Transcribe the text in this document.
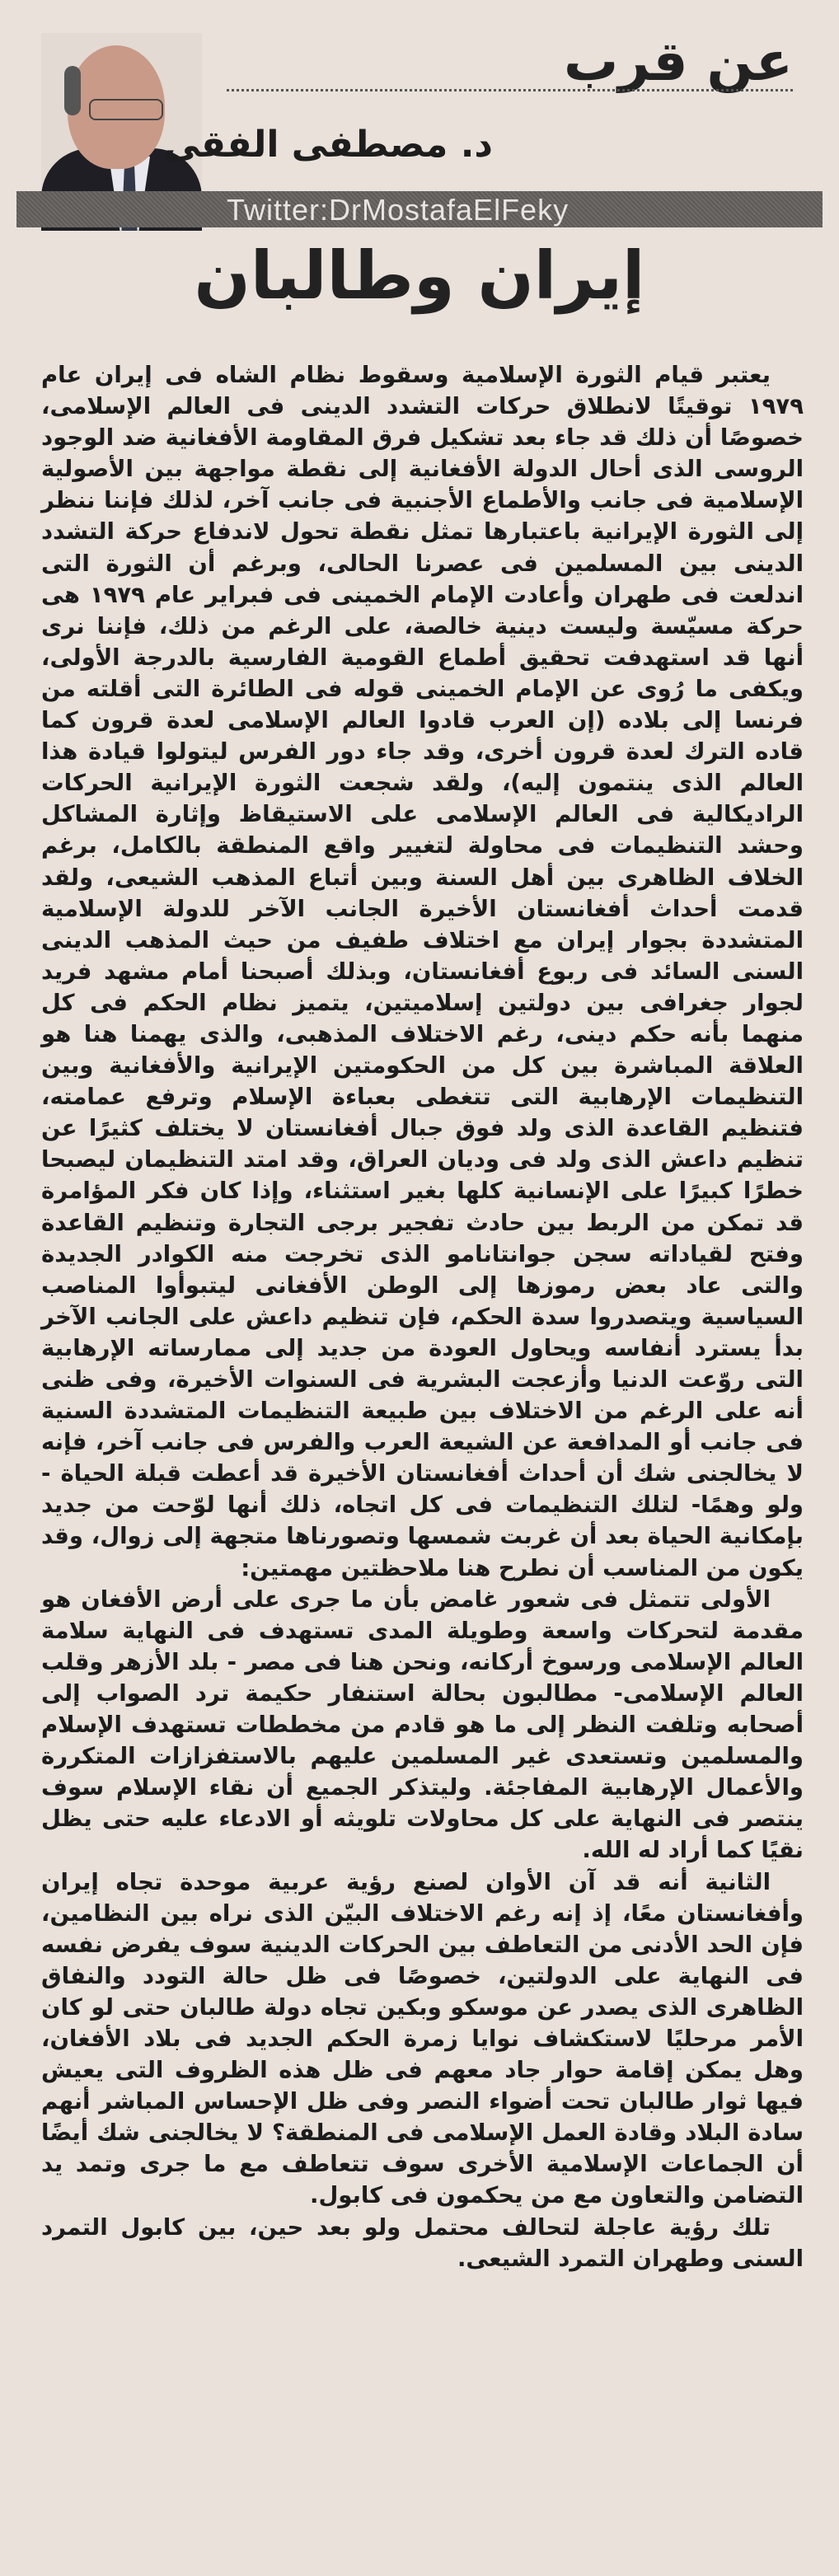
عن قرب
د. مصطفى الفقى
Twitter:DrMostafaElFeky
إيران وطالبان

يعتبر قيام الثورة الإسلامية وسقوط نظام الشاه فى إيران عام ١٩٧٩ توقيتًا لانطلاق حركات التشدد الدينى فى العالم الإسلامى، خصوصًا أن ذلك قد جاء بعد تشكيل فرق المقاومة الأفغانية ضد الوجود الروسى الذى أحال الدولة الأفغانية إلى نقطة مواجهة بين الأصولية الإسلامية فى جانب والأطماع الأجنبية فى جانب آخر، لذلك فإننا ننظر إلى الثورة الإيرانية باعتبارها تمثل نقطة تحول لاندفاع حركة التشدد الدينى بين المسلمين فى عصرنا الحالى، وبرغم أن الثورة التى اندلعت فى طهران وأعادت الإمام الخمينى فى فبراير عام ١٩٧٩ هى حركة مسيّسة وليست دينية خالصة، على الرغم من ذلك، فإننا نرى أنها قد استهدفت تحقيق أطماع القومية الفارسية بالدرجة الأولى، ويكفى ما رُوى عن الإمام الخمينى قوله فى الطائرة التى أقلته من فرنسا إلى بلاده (إن العرب قادوا العالم الإسلامى لعدة قرون كما قاده الترك لعدة قرون أخرى، وقد جاء دور الفرس ليتولوا قيادة هذا العالم الذى ينتمون إليه)، ولقد شجعت الثورة الإيرانية الحركات الراديكالية فى العالم الإسلامى على الاستيقاظ وإثارة المشاكل وحشد التنظيمات فى محاولة لتغيير واقع المنطقة بالكامل، برغم الخلاف الظاهرى بين أهل السنة وبين أتباع المذهب الشيعى، ولقد قدمت أحداث أفغانستان الأخيرة الجانب الآخر للدولة الإسلامية المتشددة بجوار إيران مع اختلاف طفيف من حيث المذهب الدينى السنى السائد فى ربوع أفغانستان، وبذلك أصبحنا أمام مشهد فريد لجوار جغرافى بين دولتين إسلاميتين، يتميز نظام الحكم فى كل منهما بأنه حكم دينى، رغم الاختلاف المذهبى، والذى يهمنا هنا هو العلاقة المباشرة بين كل من الحكومتين الإيرانية والأفغانية وبين التنظيمات الإرهابية التى تتغطى بعباءة الإسلام وترفع عمامته، فتنظيم القاعدة الذى ولد فوق جبال أفغانستان لا يختلف كثيرًا عن تنظيم داعش الذى ولد فى وديان العراق، وقد امتد التنظيمان ليصبحا خطرًا كبيرًا على الإنسانية كلها بغير استثناء، وإذا كان فكر المؤامرة قد تمكن من الربط بين حادث تفجير برجى التجارة وتنظيم القاعدة وفتح لقياداته سجن جوانتانامو الذى تخرجت منه الكوادر الجديدة والتى عاد بعض رموزها إلى الوطن الأفغانى ليتبوأوا المناصب السياسية ويتصدروا سدة الحكم، فإن تنظيم داعش على الجانب الآخر بدأ يسترد أنفاسه ويحاول العودة من جديد إلى ممارساته الإرهابية التى روّعت الدنيا وأزعجت البشرية فى السنوات الأخيرة، وفى ظنى أنه على الرغم من الاختلاف بين طبيعة التنظيمات المتشددة السنية فى جانب أو المدافعة عن الشيعة العرب والفرس فى جانب آخر، فإنه لا يخالجنى شك أن أحداث أفغانستان الأخيرة قد أعطت قبلة الحياة - ولو وهمًا- لتلك التنظيمات فى كل اتجاه، ذلك أنها لوّحت من جديد بإمكانية الحياة بعد أن غربت شمسها وتصورناها متجهة إلى زوال، وقد يكون من المناسب أن نطرح هنا ملاحظتين مهمتين:

الأولى تتمثل فى شعور غامض بأن ما جرى على أرض الأفغان هو مقدمة لتحركات واسعة وطويلة المدى تستهدف فى النهاية سلامة العالم الإسلامى ورسوخ أركانه، ونحن هنا فى مصر - بلد الأزهر وقلب العالم الإسلامى- مطالبون بحالة استنفار حكيمة ترد الصواب إلى أصحابه وتلفت النظر إلى ما هو قادم من مخططات تستهدف الإسلام والمسلمين وتستعدى غير المسلمين عليهم بالاستفزازات المتكررة والأعمال الإرهابية المفاجئة. وليتذكر الجميع أن نقاء الإسلام سوف ينتصر فى النهاية على كل محاولات تلويثه أو الادعاء عليه حتى يظل نقيًا كما أراد له الله.

الثانية أنه قد آن الأوان لصنع رؤية عربية موحدة تجاه إيران وأفغانستان معًا، إذ إنه رغم الاختلاف البيّن الذى نراه بين النظامين، فإن الحد الأدنى من التعاطف بين الحركات الدينية سوف يفرض نفسه فى النهاية على الدولتين، خصوصًا فى ظل حالة التودد والنفاق الظاهرى الذى يصدر عن موسكو وبكين تجاه دولة طالبان حتى لو كان الأمر مرحليًا لاستكشاف نوايا زمرة الحكم الجديد فى بلاد الأفغان، وهل يمكن إقامة حوار جاد معهم فى ظل هذه الظروف التى يعيش فيها ثوار طالبان تحت أضواء النصر وفى ظل الإحساس المباشر أنهم سادة البلاد وقادة العمل الإسلامى فى المنطقة؟ لا يخالجنى شك أيضًا أن الجماعات الإسلامية الأخرى سوف تتعاطف مع ما جرى وتمد يد التضامن والتعاون مع من يحكمون فى كابول.

تلك رؤية عاجلة لتحالف محتمل ولو بعد حين، بين كابول التمرد السنى وطهران التمرد الشيعى.
